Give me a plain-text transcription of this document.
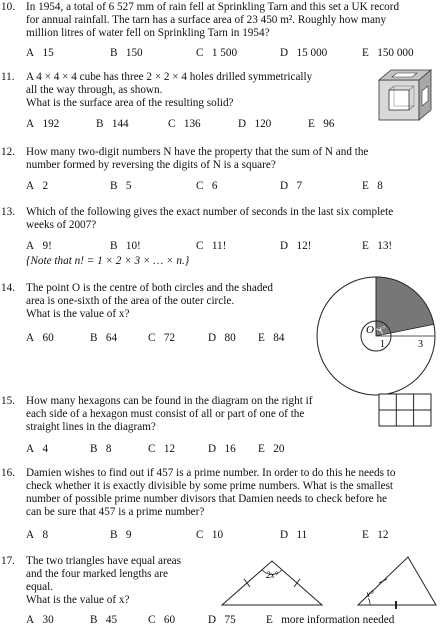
10. In 1954, a total of 6 527 mm of rain fell at Sprinkling Tarn and this set a UK record
for annual rainfall. The tarn has a surface area of 23 450 m². Roughly how many
million litres of water fell on Sprinkling Tarn in 1954?
A 15	B 150	C 1 500	D 15 000	E 150 000
11. A 4 × 4 × 4 cube has three 2 × 2 × 4 holes drilled symmetrically
all the way through, as shown.
What is the surface area of the resulting solid?
A 192	B 144	C 136	D 120	E 96
12. How many two-digit numbers N have the property that the sum of N and the
number formed by reversing the digits of N is a square?
A 2	B 5	C 6	D 7	E 8
13. Which of the following gives the exact number of seconds in the last six complete
weeks of 2007?
A 9!	B 10!	C 11!	D 12!	E 13!
{Note that n! = 1 × 2 × 3 × … × n.}
14. The point O is the centre of both circles and the shaded
area is one-sixth of the area of the outer circle.
What is the value of x?
A 60	B 64	C 72	D 80 E 84
O x°
1	3
15. How many hexagons can be found in the diagram on the right if
each side of a hexagon must consist of all or part of one of the
straight lines in the diagram?
A 4	B 8	C 12	D 16 E 20
16. Damien wishes to find out if 457 is a prime number. In order to do this he needs to
check whether it is exactly divisible by some prime numbers. What is the smallest
number of possible prime number divisors that Damien needs to check before he
can be sure that 457 is a prime number?
A 8	B 9	C 10	D 11	E 12
17. The two triangles have equal areas
and the four marked lengths are
equal.
What is the value of x?
A 30	B 45	C 60	D 75	E more information needed
2x°
x°
